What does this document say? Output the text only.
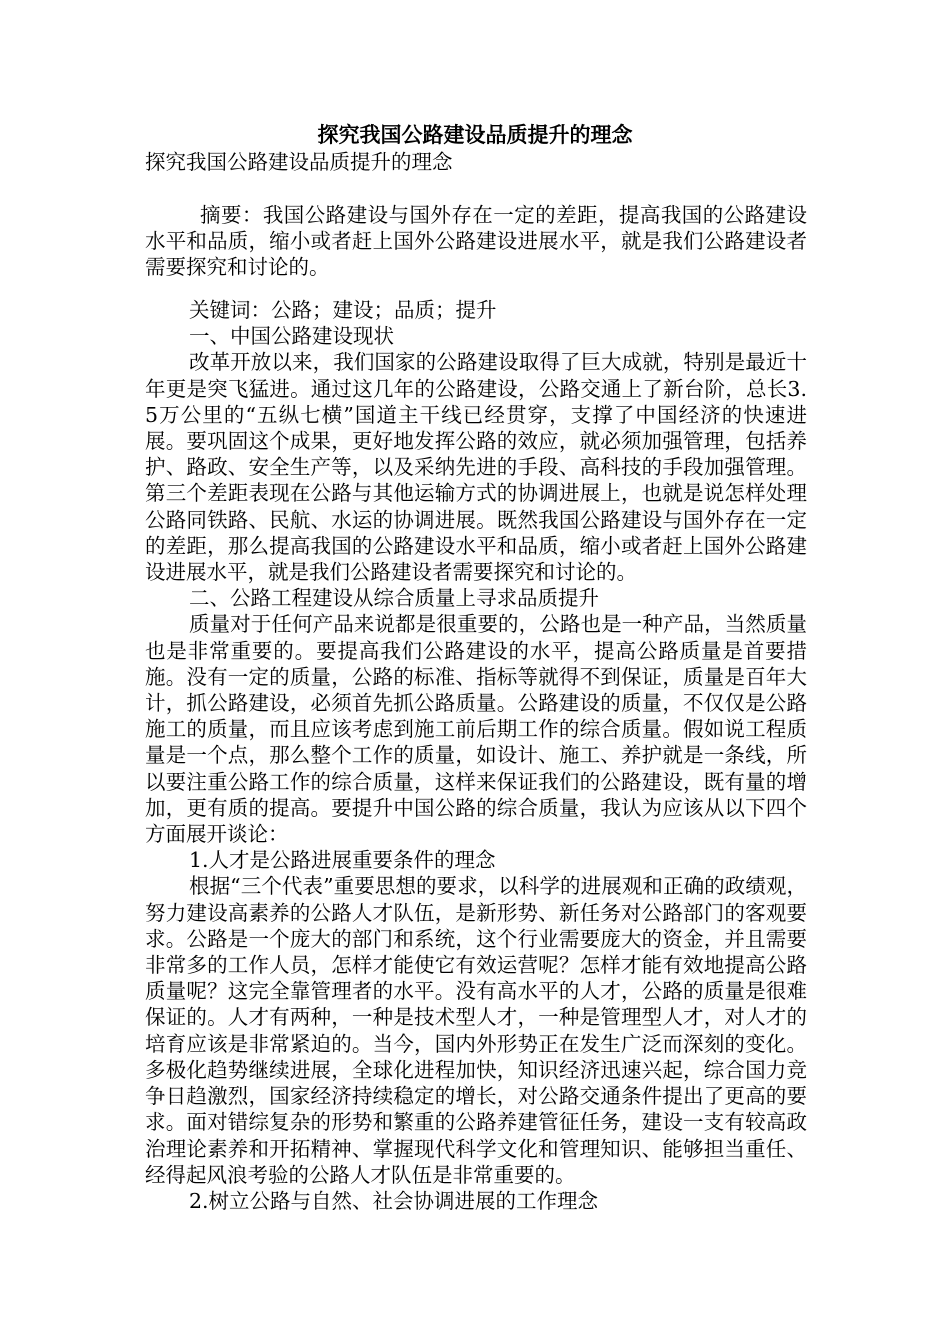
探究我国公路建设品质提升的理念
探究我国公路建设品质提升的理念
摘要：我国公路建设与国外存在一定的差距，提高我国的公路建设水平和品质，缩小或者赶上国外公路建设进展水平，就是我们公路建设者需要探究和讨论的。

关键词：公路；建设；品质；提升

一、中国公路建设现状

改革开放以来，我们国家的公路建设取得了巨大成就，特别是最近十年更是突飞猛进。通过这几年的公路建设，公路交通上了新台阶，总长3.5万公里的“五纵七横”国道主干线已经贯穿，支撑了中国经济的快速进展。要巩固这个成果，更好地发挥公路的效应，就必须加强管理，包括养护、路政、安全生产等，以及采纳先进的手段、高科技的手段加强管理。第三个差距表现在公路与其他运输方式的协调进展上，也就是说怎样处理公路同铁路、民航、水运的协调进展。既然我国公路建设与国外存在一定的差距，那么提高我国的公路建设水平和品质，缩小或者赶上国外公路建设进展水平，就是我们公路建设者需要探究和讨论的。

二、公路工程建设从综合质量上寻求品质提升

质量对于任何产品来说都是很重要的，公路也是一种产品，当然质量也是非常重要的。要提高我们公路建设的水平，提高公路质量是首要措施。没有一定的质量，公路的标准、指标等就得不到保证，质量是百年大计，抓公路建设，必须首先抓公路质量。公路建设的质量，不仅仅是公路施工的质量，而且应该考虑到施工前后期工作的综合质量。假如说工程质量是一个点，那么整个工作的质量，如设计、施工、养护就是一条线，所以要注重公路工作的综合质量，这样来保证我们的公路建设，既有量的增加，更有质的提高。要提升中国公路的综合质量，我认为应该从以下四个方面展开谈论：

1.人才是公路进展重要条件的理念

根据“三个代表”重要思想的要求，以科学的进展观和正确的政绩观，努力建设高素养的公路人才队伍，是新形势、新任务对公路部门的客观要求。公路是一个庞大的部门和系统，这个行业需要庞大的资金，并且需要非常多的工作人员，怎样才能使它有效运营呢？怎样才能有效地提高公路质量呢？这完全靠管理者的水平。没有高水平的人才，公路的质量是很难保证的。人才有两种，一种是技术型人才，一种是管理型人才，对人才的培育应该是非常紧迫的。当今，国内外形势正在发生广泛而深刻的变化。多极化趋势继续进展，全球化进程加快，知识经济迅速兴起，综合国力竞争日趋激烈，国家经济持续稳定的增长，对公路交通条件提出了更高的要求。面对错综复杂的形势和繁重的公路养建管征任务，建设一支有较高政治理论素养和开拓精神、掌握现代科学文化和管理知识、能够担当重任、经得起风浪考验的公路人才队伍是非常重要的。

2.树立公路与自然、社会协调进展的工作理念
